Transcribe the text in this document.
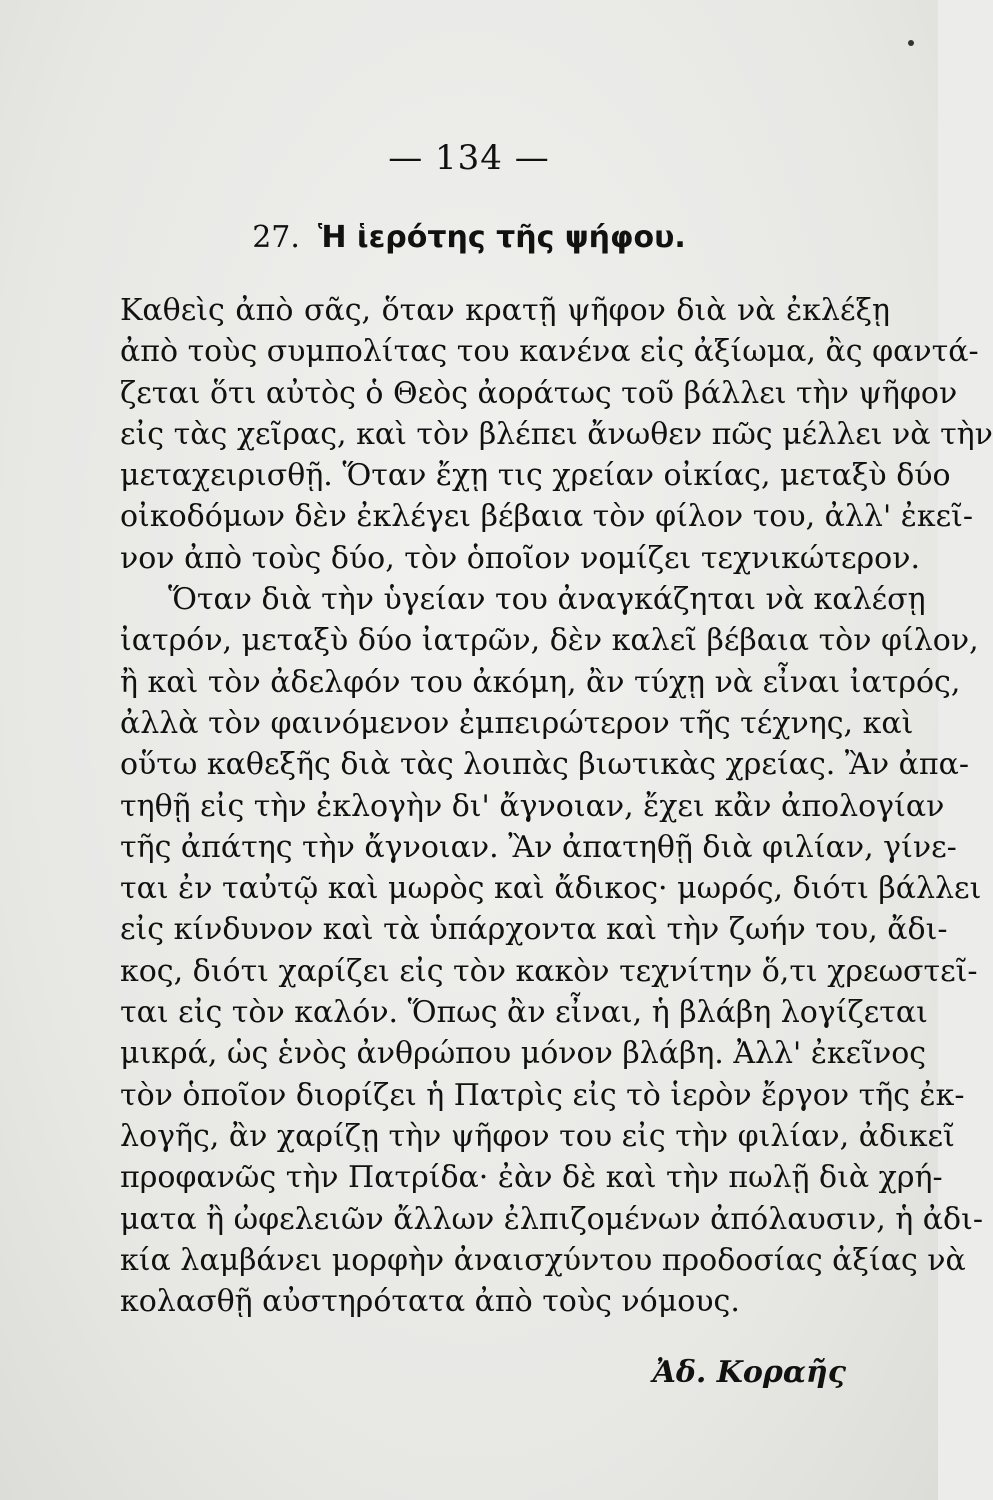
— 134 —
27. Ἡ ἱερότης τῆς ψήφου.
Καθεὶς ἀπὸ σᾶς, ὅταν κρατῇ ψῆφον διὰ νὰ ἐκλέξῃ
ἀπὸ τοὺς συμπολίτας του κανένα εἰς ἀξίωμα, ἂς φαντά-
ζεται ὅτι αὐτὸς ὁ Θεὸς ἀοράτως τοῦ βάλλει τὴν ψῆφον
εἰς τὰς χεῖρας, καὶ τὸν βλέπει ἄνωθεν πῶς μέλλει νὰ τὴν
μεταχειρισθῇ. Ὅταν ἔχῃ τις χρείαν οἰκίας, μεταξὺ δύο
οἰκοδόμων δὲν ἐκλέγει βέβαια τὸν φίλον του, ἀλλ' ἐκεῖ-
νον ἀπὸ τοὺς δύο, τὸν ὁποῖον νομίζει τεχνικώτερον.
Ὅταν διὰ τὴν ὑγείαν του ἀναγκάζηται νὰ καλέσῃ
ἰατρόν, μεταξὺ δύο ἰατρῶν, δὲν καλεῖ βέβαια τὸν φίλον,
ἢ καὶ τὸν ἀδελφόν του ἀκόμη, ἂν τύχῃ νὰ εἶναι ἰατρός,
ἀλλὰ τὸν φαινόμενον ἐμπειρώτερον τῆς τέχνης, καὶ
οὕτω καθεξῆς διὰ τὰς λοιπὰς βιωτικὰς χρείας. Ἂν ἀπα-
τηθῇ εἰς τὴν ἐκλογὴν δι' ἄγνοιαν, ἔχει κἂν ἀπολογίαν
τῆς ἀπάτης τὴν ἄγνοιαν. Ἂν ἀπατηθῇ διὰ φιλίαν, γίνε-
ται ἐν ταὐτῷ καὶ μωρὸς καὶ ἄδικος· μωρός, διότι βάλλει
εἰς κίνδυνον καὶ τὰ ὑπάρχοντα καὶ τὴν ζωήν του, ἄδι-
κος, διότι χαρίζει εἰς τὸν κακὸν τεχνίτην ὅ,τι χρεωστεῖ-
ται εἰς τὸν καλόν. Ὅπως ἂν εἶναι, ἡ βλάβη λογίζεται
μικρά, ὡς ἑνὸς ἀνθρώπου μόνον βλάβη. Ἀλλ' ἐκεῖνος
τὸν ὁποῖον διορίζει ἡ Πατρὶς εἰς τὸ ἱερὸν ἔργον τῆς ἐκ-
λογῆς, ἂν χαρίζῃ τὴν ψῆφον του εἰς τὴν φιλίαν, ἀδικεῖ
προφανῶς τὴν Πατρίδα· ἐὰν δὲ καὶ τὴν πωλῇ διὰ χρή-
ματα ἢ ὠφελειῶν ἄλλων ἐλπιζομένων ἀπόλαυσιν, ἡ ἀδι-
κία λαμβάνει μορφὴν ἀναισχύντου προδοσίας ἀξίας νὰ
κολασθῇ αὐστηρότατα ἀπὸ τοὺς νόμους.
Ἀδ. Κοραῆς
